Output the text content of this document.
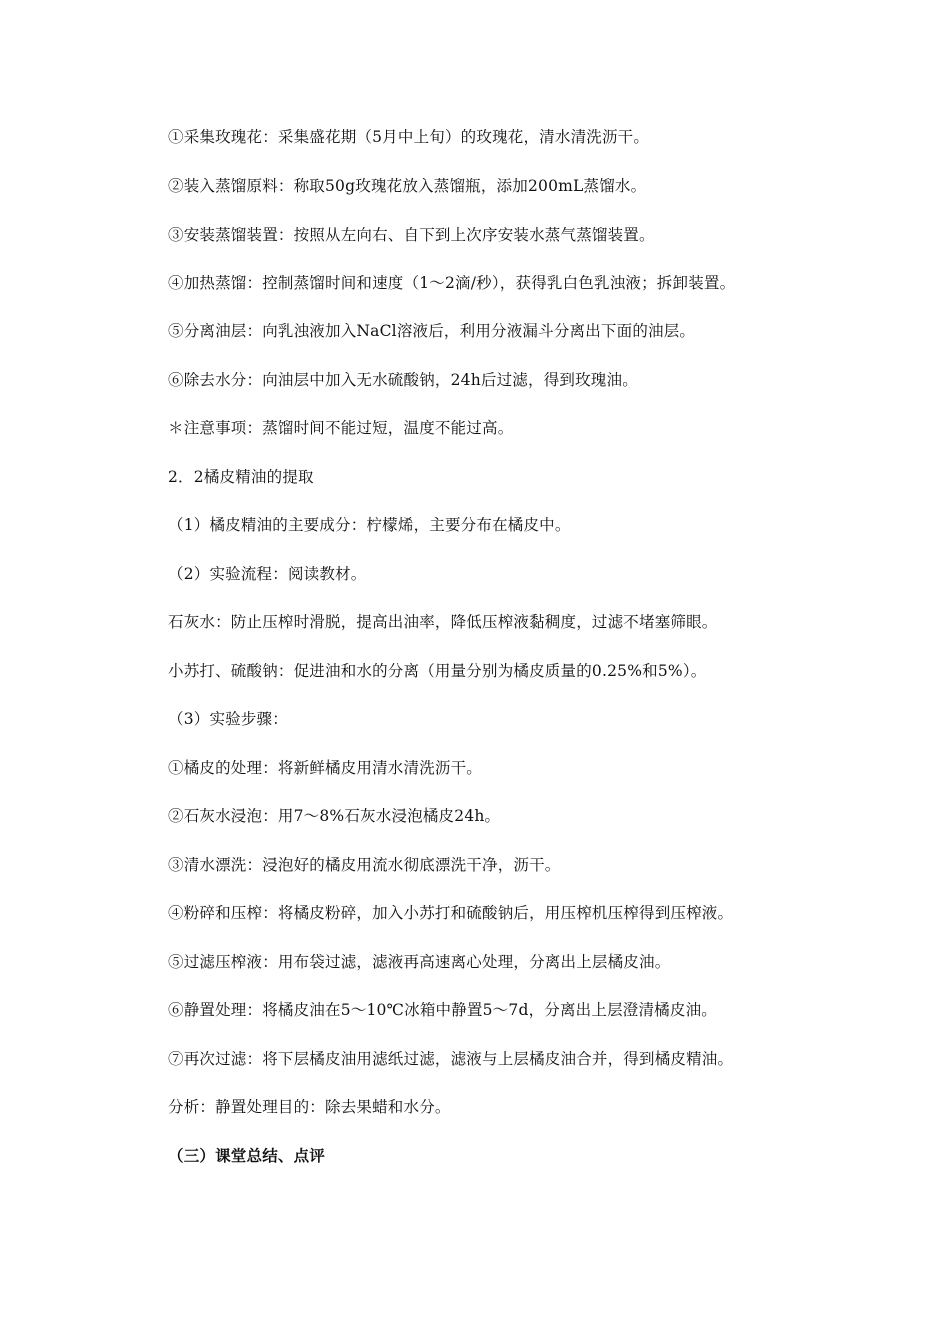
①采集玫瑰花：采集盛花期（5月中上旬）的玫瑰花，清水清洗沥干。
②装入蒸馏原料：称取50g玫瑰花放入蒸馏瓶，添加200mL蒸馏水。
③安装蒸馏装置：按照从左向右、自下到上次序安装水蒸气蒸馏装置。
④加热蒸馏：控制蒸馏时间和速度（1～2滴/秒），获得乳白色乳浊液；拆卸装置。
⑤分离油层：向乳浊液加入NaCl溶液后，利用分液漏斗分离出下面的油层。
⑥除去水分：向油层中加入无水硫酸钠，24h后过滤，得到玫瑰油。
＊注意事项：蒸馏时间不能过短，温度不能过高。
2．2橘皮精油的提取
（1）橘皮精油的主要成分：柠檬烯，主要分布在橘皮中。
（2）实验流程：阅读教材。
石灰水：防止压榨时滑脱，提高出油率，降低压榨液黏稠度，过滤不堵塞筛眼。
小苏打、硫酸钠：促进油和水的分离（用量分别为橘皮质量的0.25%和5%）。
（3）实验步骤：
①橘皮的处理：将新鲜橘皮用清水清洗沥干。
②石灰水浸泡：用7～8%石灰水浸泡橘皮24h。
③清水漂洗：浸泡好的橘皮用流水彻底漂洗干净，沥干。
④粉碎和压榨：将橘皮粉碎，加入小苏打和硫酸钠后，用压榨机压榨得到压榨液。
⑤过滤压榨液：用布袋过滤，滤液再高速离心处理，分离出上层橘皮油。
⑥静置处理：将橘皮油在5～10℃冰箱中静置5～7d，分离出上层澄清橘皮油。
⑦再次过滤：将下层橘皮油用滤纸过滤，滤液与上层橘皮油合并，得到橘皮精油。
分析：静置处理目的：除去果蜡和水分。
（三）课堂总结、点评
